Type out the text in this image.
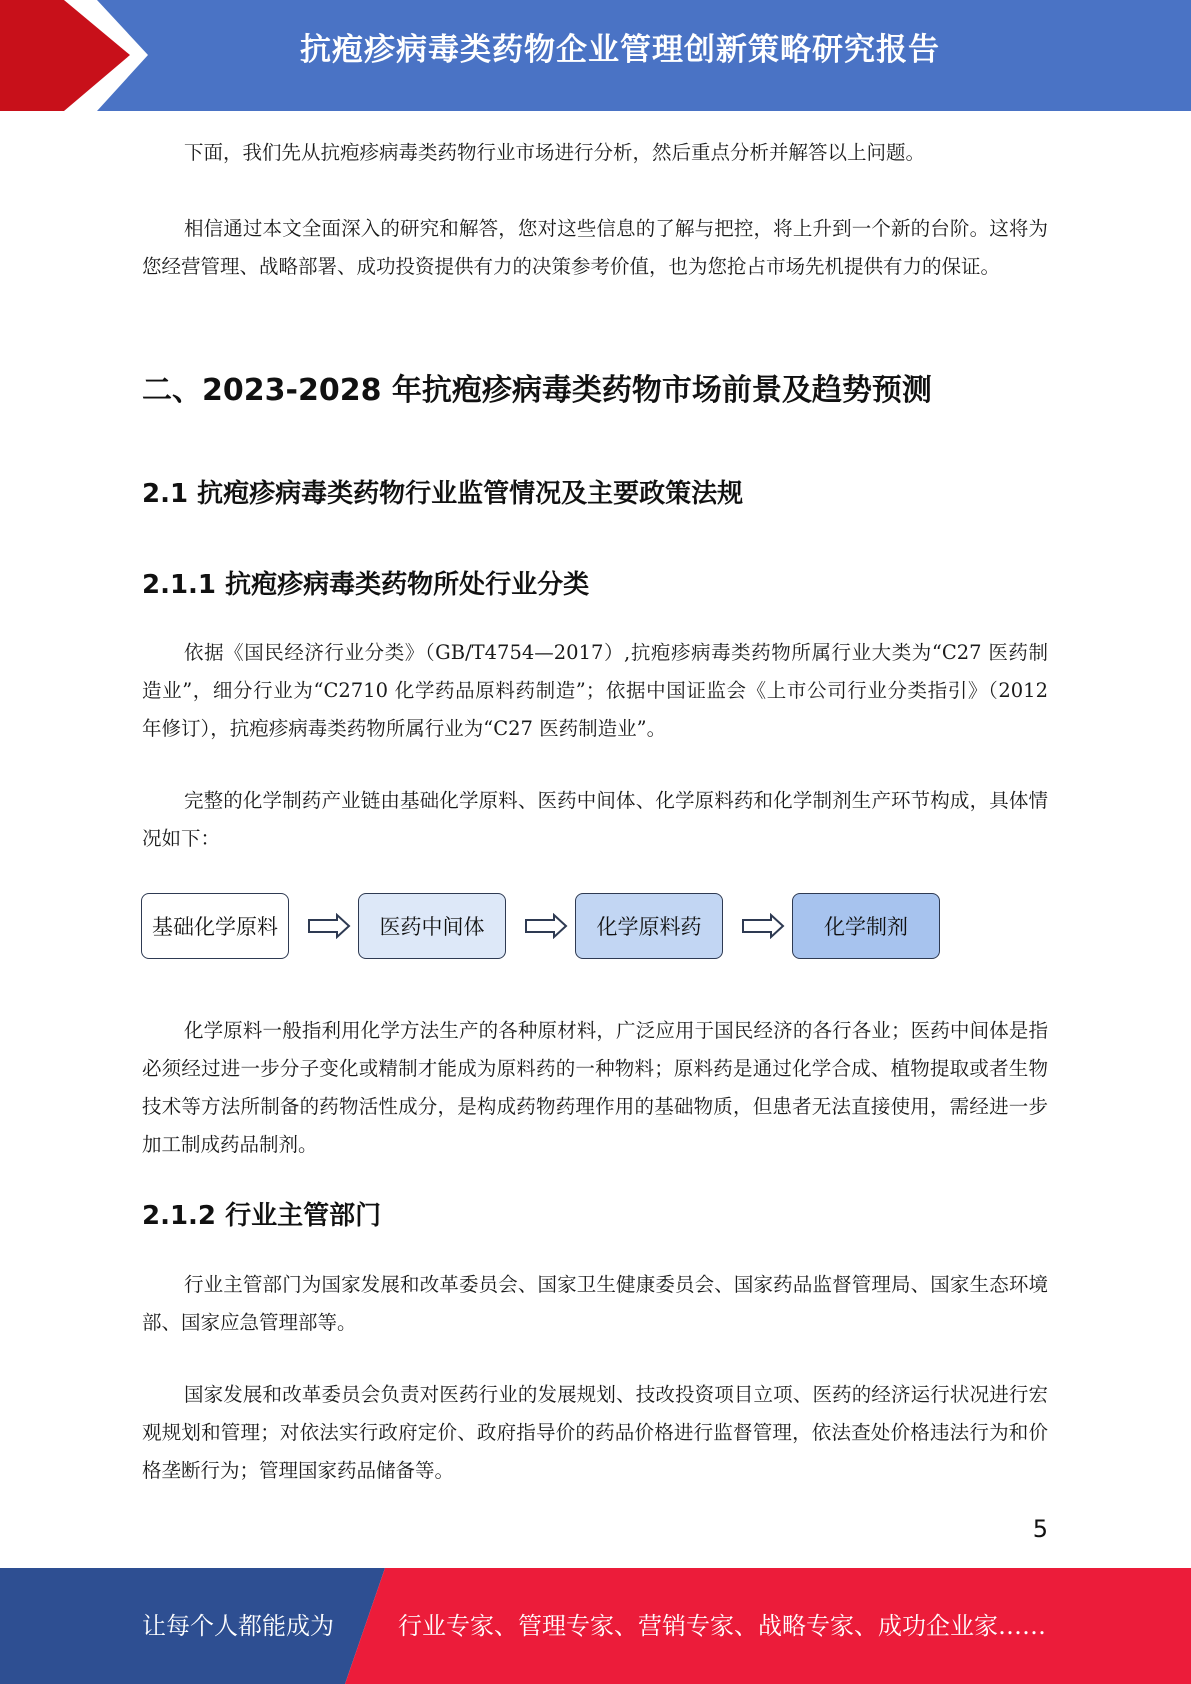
抗疱疹病毒类药物企业管理创新策略研究报告

下面，我们先从抗疱疹病毒类药物行业市场进行分析，然后重点分析并解答以上问题。

相信通过本文全面深入的研究和解答，您对这些信息的了解与把控，将上升到一个新的台阶。这将为您经营管理、战略部署、成功投资提供有力的决策参考价值，也为您抢占市场先机提供有力的保证。

二、2023-2028 年抗疱疹病毒类药物市场前景及趋势预测
2.1 抗疱疹病毒类药物行业监管情况及主要政策法规
2.1.1 抗疱疹病毒类药物所处行业分类

依据《国民经济行业分类》（GB/T4754—2017）,抗疱疹病毒类药物所属行业大类为“C27 医药制造业”，细分行业为“C2710 化学药品原料药制造”；依据中国证监会《上市公司行业分类指引》（2012 年修订），抗疱疹病毒类药物所属行业为“C27 医药制造业”。

完整的化学制药产业链由基础化学原料、医药中间体、化学原料药和化学制剂生产环节构成，具体情况如下：

基础化学原料	医药中间体	化学原料药	化学制剂

化学原料一般指利用化学方法生产的各种原材料，广泛应用于国民经济的各行各业；医药中间体是指必须经过进一步分子变化或精制才能成为原料药的一种物料；原料药是通过化学合成、植物提取或者生物技术等方法所制备的药物活性成分，是构成药物药理作用的基础物质，但患者无法直接使用，需经进一步加工制成药品制剂。

2.1.2 行业主管部门

行业主管部门为国家发展和改革委员会、国家卫生健康委员会、国家药品监督管理局、国家生态环境部、国家应急管理部等。

国家发展和改革委员会负责对医药行业的发展规划、技改投资项目立项、医药的经济运行状况进行宏观规划和管理；对依法实行政府定价、政府指导价的药品价格进行监督管理，依法查处价格违法行为和价格垄断行为；管理国家药品储备等。

5
让每个人都能成为	行业专家、管理专家、营销专家、战略专家、成功企业家……
